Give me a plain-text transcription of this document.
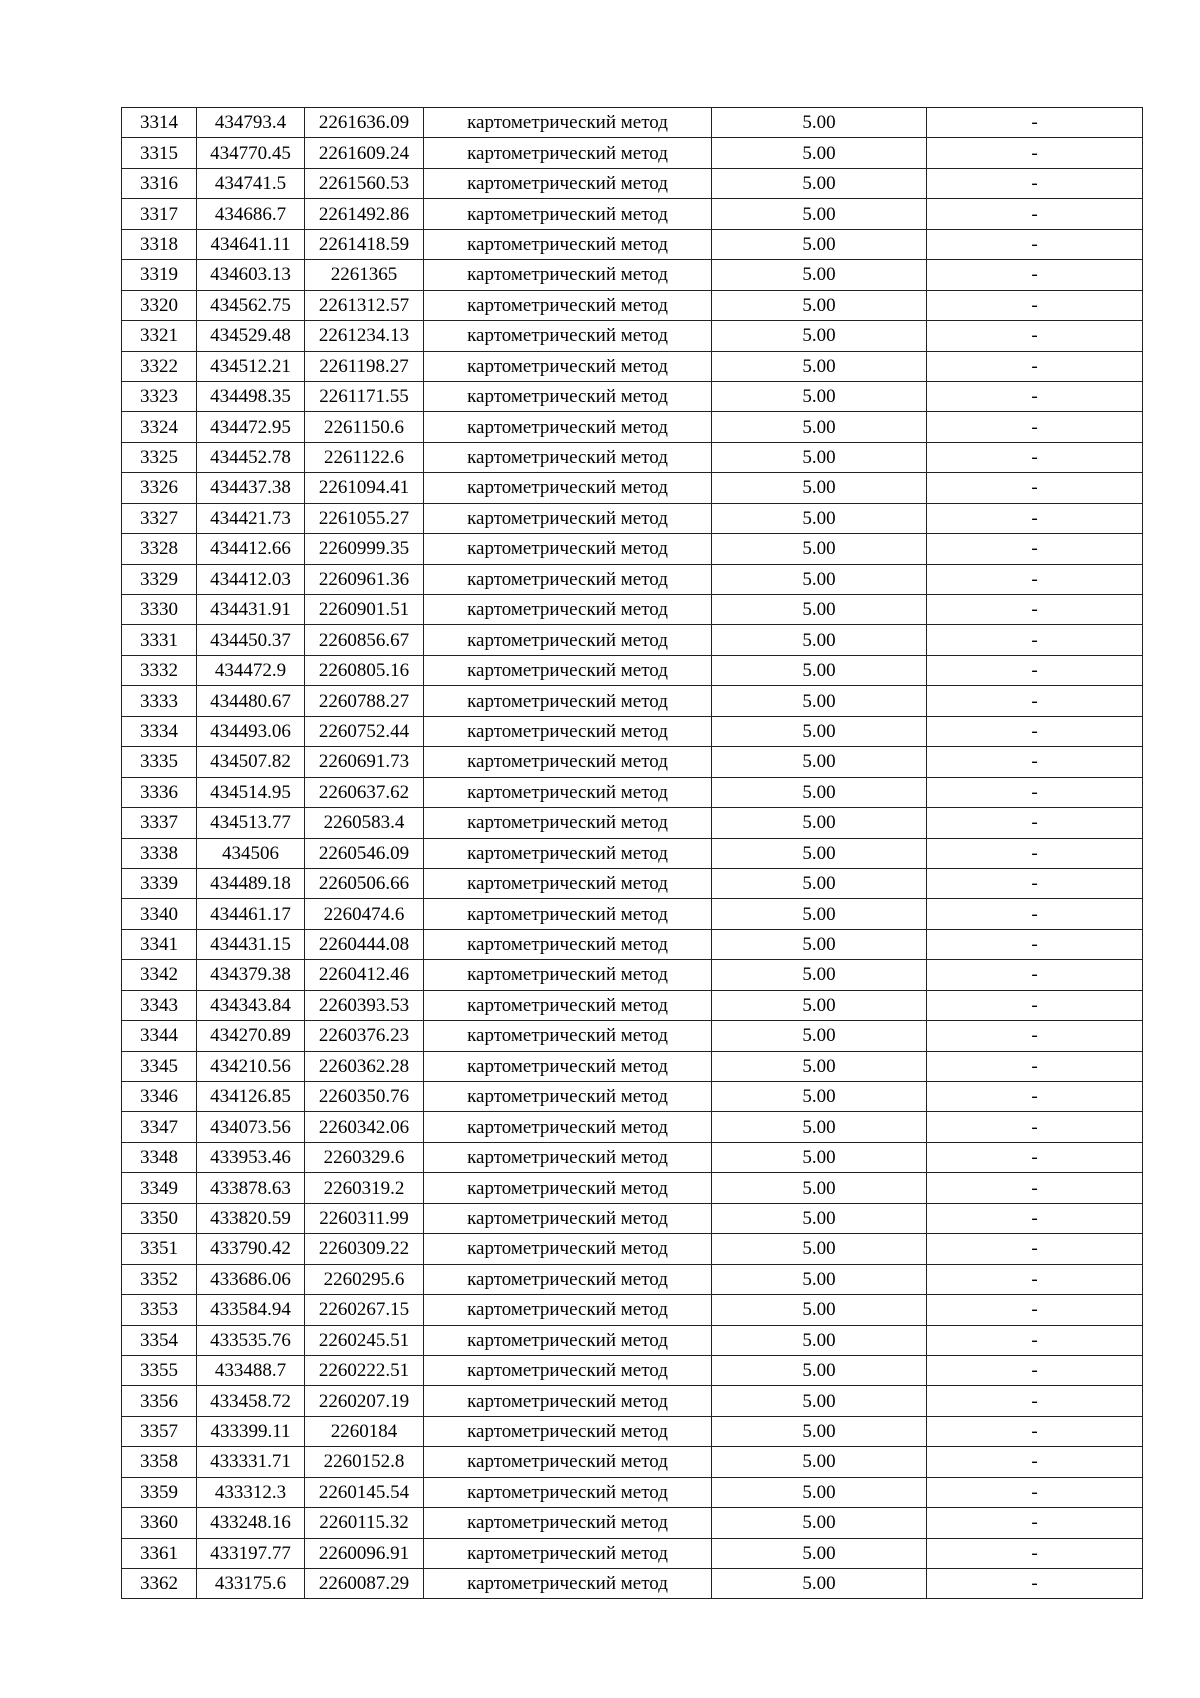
3314	434793.4	2261636.09	картометрический метод	5.00	-
3315	434770.45	2261609.24	картометрический метод	5.00	-
3316	434741.5	2261560.53	картометрический метод	5.00	-
3317	434686.7	2261492.86	картометрический метод	5.00	-
3318	434641.11	2261418.59	картометрический метод	5.00	-
3319	434603.13	2261365	картометрический метод	5.00	-
3320	434562.75	2261312.57	картометрический метод	5.00	-
3321	434529.48	2261234.13	картометрический метод	5.00	-
3322	434512.21	2261198.27	картометрический метод	5.00	-
3323	434498.35	2261171.55	картометрический метод	5.00	-
3324	434472.95	2261150.6	картометрический метод	5.00	-
3325	434452.78	2261122.6	картометрический метод	5.00	-
3326	434437.38	2261094.41	картометрический метод	5.00	-
3327	434421.73	2261055.27	картометрический метод	5.00	-
3328	434412.66	2260999.35	картометрический метод	5.00	-
3329	434412.03	2260961.36	картометрический метод	5.00	-
3330	434431.91	2260901.51	картометрический метод	5.00	-
3331	434450.37	2260856.67	картометрический метод	5.00	-
3332	434472.9	2260805.16	картометрический метод	5.00	-
3333	434480.67	2260788.27	картометрический метод	5.00	-
3334	434493.06	2260752.44	картометрический метод	5.00	-
3335	434507.82	2260691.73	картометрический метод	5.00	-
3336	434514.95	2260637.62	картометрический метод	5.00	-
3337	434513.77	2260583.4	картометрический метод	5.00	-
3338	434506	2260546.09	картометрический метод	5.00	-
3339	434489.18	2260506.66	картометрический метод	5.00	-
3340	434461.17	2260474.6	картометрический метод	5.00	-
3341	434431.15	2260444.08	картометрический метод	5.00	-
3342	434379.38	2260412.46	картометрический метод	5.00	-
3343	434343.84	2260393.53	картометрический метод	5.00	-
3344	434270.89	2260376.23	картометрический метод	5.00	-
3345	434210.56	2260362.28	картометрический метод	5.00	-
3346	434126.85	2260350.76	картометрический метод	5.00	-
3347	434073.56	2260342.06	картометрический метод	5.00	-
3348	433953.46	2260329.6	картометрический метод	5.00	-
3349	433878.63	2260319.2	картометрический метод	5.00	-
3350	433820.59	2260311.99	картометрический метод	5.00	-
3351	433790.42	2260309.22	картометрический метод	5.00	-
3352	433686.06	2260295.6	картометрический метод	5.00	-
3353	433584.94	2260267.15	картометрический метод	5.00	-
3354	433535.76	2260245.51	картометрический метод	5.00	-
3355	433488.7	2260222.51	картометрический метод	5.00	-
3356	433458.72	2260207.19	картометрический метод	5.00	-
3357	433399.11	2260184	картометрический метод	5.00	-
3358	433331.71	2260152.8	картометрический метод	5.00	-
3359	433312.3	2260145.54	картометрический метод	5.00	-
3360	433248.16	2260115.32	картометрический метод	5.00	-
3361	433197.77	2260096.91	картометрический метод	5.00	-
3362	433175.6	2260087.29	картометрический метод	5.00	-
